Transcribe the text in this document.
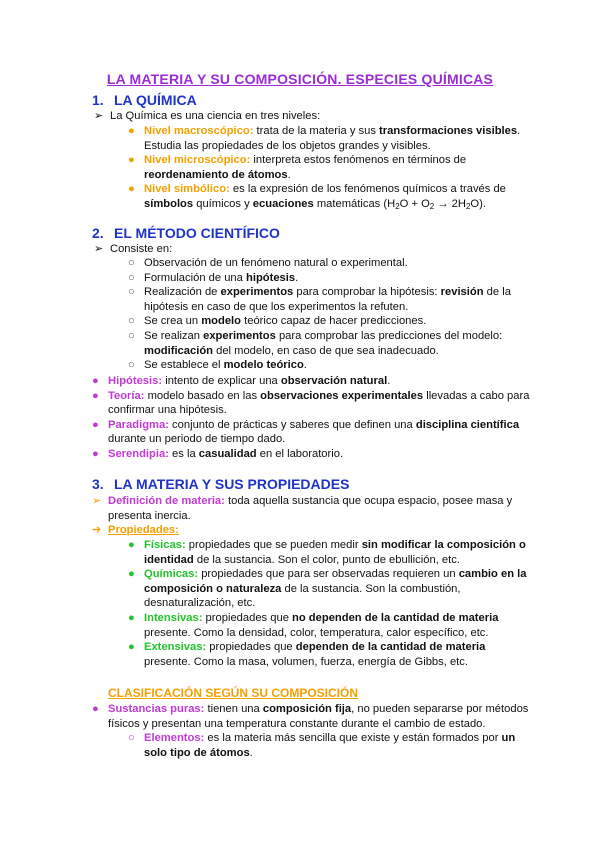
LA MATERIA Y SU COMPOSICIÓN. ESPECIES QUÍMICAS
1. LA QUÍMICA
➢ La Química es una ciencia en tres niveles:
● Nivel macroscópico: trata de la materia y sus transformaciones visibles.
Estudia las propiedades de los objetos grandes y visibles.
● Nivel microscópico: interpreta estos fenómenos en términos de
reordenamiento de átomos.
● Nivel simbólico: es la expresión de los fenómenos químicos a través de
símbolos químicos y ecuaciones matemáticas $(H_2O + O_2 \to 2H_2O)$.
2. EL MÉTODO CIENTÍFICO
➢ Consiste en:
○ Observación de un fenómeno natural o experimental.
○ Formulación de una hipótesis.
○ Realización de experimentos para comprobar la hipótesis: revisión de la
hipótesis en caso de que los experimentos la refuten.
○ Se crea un modelo teórico capaz de hacer predicciones.
○ Se realizan experimentos para comprobar las predicciones del modelo:
modificación del modelo, en caso de que sea inadecuado.
○ Se establece el modelo teórico.
● Hipótesis: intento de explicar una observación natural.
● Teoría: modelo basado en las observaciones experimentales llevadas a cabo para
confirmar una hipótesis.
● Paradigma: conjunto de prácticas y saberes que definen una disciplina científica
durante un periodo de tiempo dado.
● Serendipia: es la casualidad en el laboratorio.
3. LA MATERIA Y SUS PROPIEDADES
➢ Definición de materia: toda aquella sustancia que ocupa espacio, posee masa y
presenta inercia.
➔ Propiedades:
● Físicas: propiedades que se pueden medir sin modificar la composición o
identidad de la sustancia. Son el color, punto de ebullición, etc.
● Químicas: propiedades que para ser observadas requieren un cambio en la
composición o naturaleza de la sustancia. Son la combustión,
desnaturalización, etc.
● Intensivas: propiedades que no dependen de la cantidad de materia
presente. Como la densidad, color, temperatura, calor específico, etc.
● Extensivas: propiedades que dependen de la cantidad de materia
presente. Como la masa, volumen, fuerza, energía de Gibbs, etc.
CLASIFICACIÓN SEGÚN SU COMPOSICIÓN
● Sustancias puras: tienen una composición fija, no pueden separarse por métodos
físicos y presentan una temperatura constante durante el cambio de estado.
○ Elementos: es la materia más sencilla que existe y están formados por un
solo tipo de átomos.
